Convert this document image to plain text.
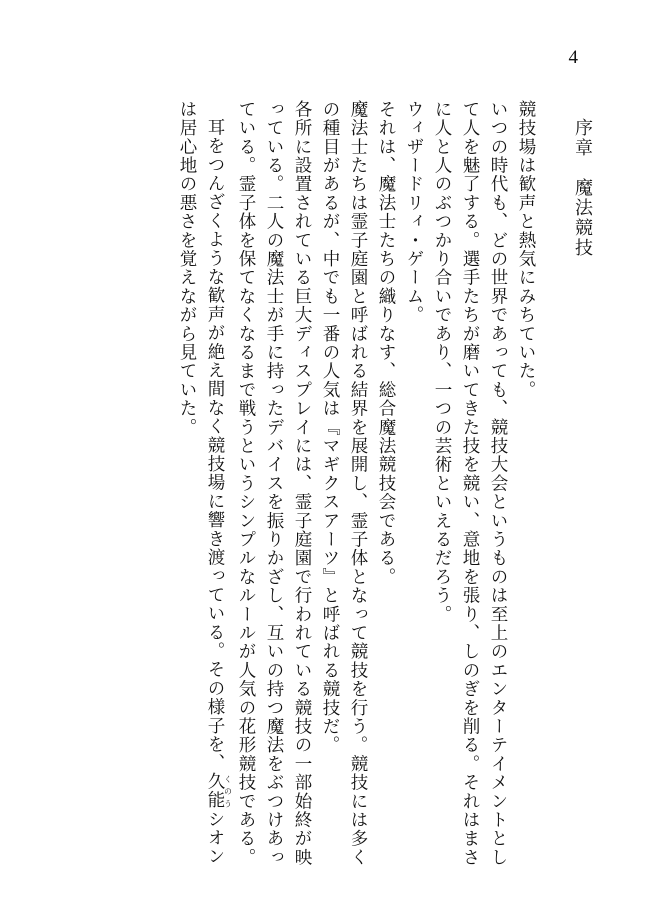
4
序章　魔法競技

競技場は歓声と熱気にみちていた。

いつの時代も、どの世界であっても、競技大会というものは至上のエンターテイメントとして人を魅了する。選手たちが磨いてきた技を競い、意地を張り、しのぎを削る。それはまさに人と人のぶつかり合いであり、一つの芸術といえるだろう。

ウィザードリィ・ゲーム。

それは、魔法士たちの織りなす、総合魔法競技会である。

魔法士たちは霊子庭園と呼ばれる結界を展開し、霊子体となって競技を行う。競技には多くの種目があるが、中でも一番の人気は『マギクスアーツ』と呼ばれる競技だ。

各所に設置されている巨大ディスプレイには、霊子庭園で行われている競技の一部始終が映っている。二人の魔法士が手に持ったデバイスを振りかざし、互いの持つ魔法をぶつけあっている。霊子体を保てなくなるまで戦うというシンプルなルールが人気の花形競技である。

耳をつんざくような歓声が絶え間なく競技場に響き渡っている。その様子を、久能くのうシオンは居心地の悪さを覚えながら見ていた。
